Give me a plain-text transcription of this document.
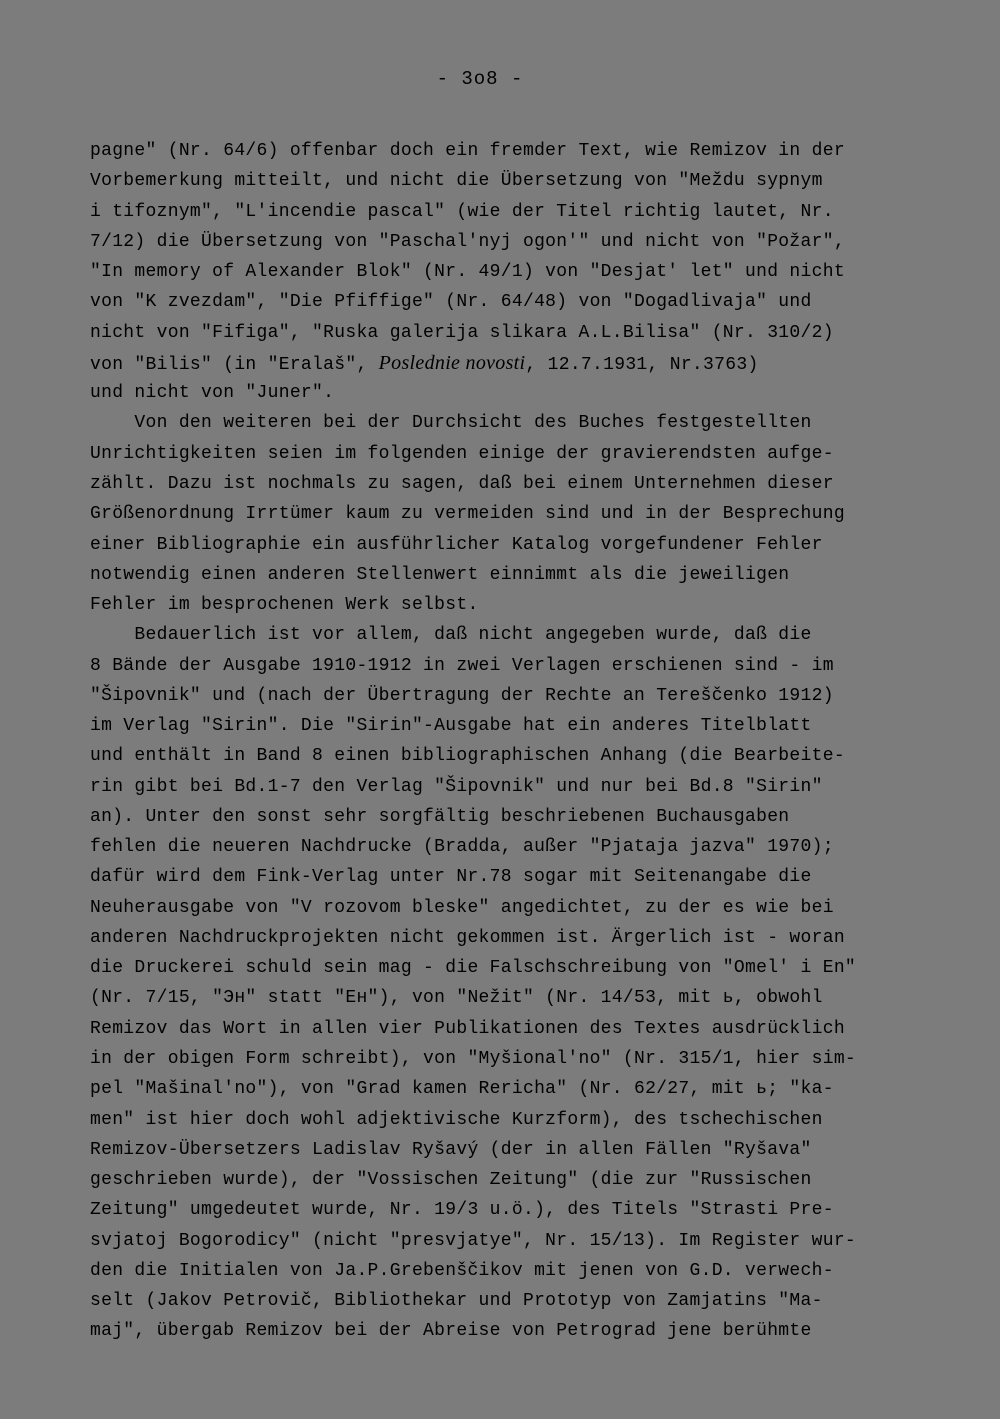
- 3o8 -
pagne" (Nr. 64/6) offenbar doch ein fremder Text, wie Remizov in der
Vorbemerkung mitteilt, und nicht die Übersetzung von "Meždu sypnym
i tifoznym", "L'incendie pascal" (wie der Titel richtig lautet, Nr.
7/12) die Übersetzung von "Paschal'nyj ogon'" und nicht von "Požar",
"In memory of Alexander Blok" (Nr. 49/1) von "Desjat' let" und nicht
von "K zvezdam", "Die Pfiffige" (Nr. 64/48) von "Dogadlivaja" und
nicht von "Fifiga", "Ruska galerija slikara A.L.Bilisa" (Nr. 310/2)
von "Bilis" (in "Eralaš", Poslednie novosti, 12.7.1931, Nr.3763)
und nicht von "Juner".
Von den weiteren bei der Durchsicht des Buches festgestellten
Unrichtigkeiten seien im folgenden einige der gravierendsten aufge-
zählt. Dazu ist nochmals zu sagen, daß bei einem Unternehmen dieser
Größenordnung Irrtümer kaum zu vermeiden sind und in der Besprechung
einer Bibliographie ein ausführlicher Katalog vorgefundener Fehler
notwendig einen anderen Stellenwert einnimmt als die jeweiligen
Fehler im besprochenen Werk selbst.
Bedauerlich ist vor allem, daß nicht angegeben wurde, daß die
8 Bände der Ausgabe 1910-1912 in zwei Verlagen erschienen sind - im
"Šipovnik" und (nach der Übertragung der Rechte an Tereščenko 1912)
im Verlag "Sirin". Die "Sirin"-Ausgabe hat ein anderes Titelblatt
und enthält in Band 8 einen bibliographischen Anhang (die Bearbeite-
rin gibt bei Bd.1-7 den Verlag "Šipovnik" und nur bei Bd.8 "Sirin"
an). Unter den sonst sehr sorgfältig beschriebenen Buchausgaben
fehlen die neueren Nachdrucke (Bradda, außer "Pjataja jazva" 1970);
dafür wird dem Fink-Verlag unter Nr.78 sogar mit Seitenangabe die
Neuherausgabe von "V rozovom bleske" angedichtet, zu der es wie bei
anderen Nachdruckprojekten nicht gekommen ist. Ärgerlich ist - woran
die Druckerei schuld sein mag - die Falschschreibung von "Omel' i En"
(Nr. 7/15, "Эн" statt "Ен"), von "Nežit" (Nr. 14/53, mit ь, obwohl
Remizov das Wort in allen vier Publikationen des Textes ausdrücklich
in der obigen Form schreibt), von "Myšional'no" (Nr. 315/1, hier sim-
pel "Mašinal'no"), von "Grad kamen Rericha" (Nr. 62/27, mit ь; "ka-
men" ist hier doch wohl adjektivische Kurzform), des tschechischen
Remizov-Übersetzers Ladislav Ryšavý (der in allen Fällen "Ryšava"
geschrieben wurde), der "Vossischen Zeitung" (die zur "Russischen
Zeitung" umgedeutet wurde, Nr. 19/3 u.ö.), des Titels "Strasti Pre-
svjatoj Bogorodicy" (nicht "presvjatye", Nr. 15/13). Im Register wur-
den die Initialen von Ja.P.Grebenščikov mit jenen von G.D. verwech-
selt (Jakov Petrovič, Bibliothekar und Prototyp von Zamjatins "Ma-
maj", übergab Remizov bei der Abreise von Petrograd jene berühmte
